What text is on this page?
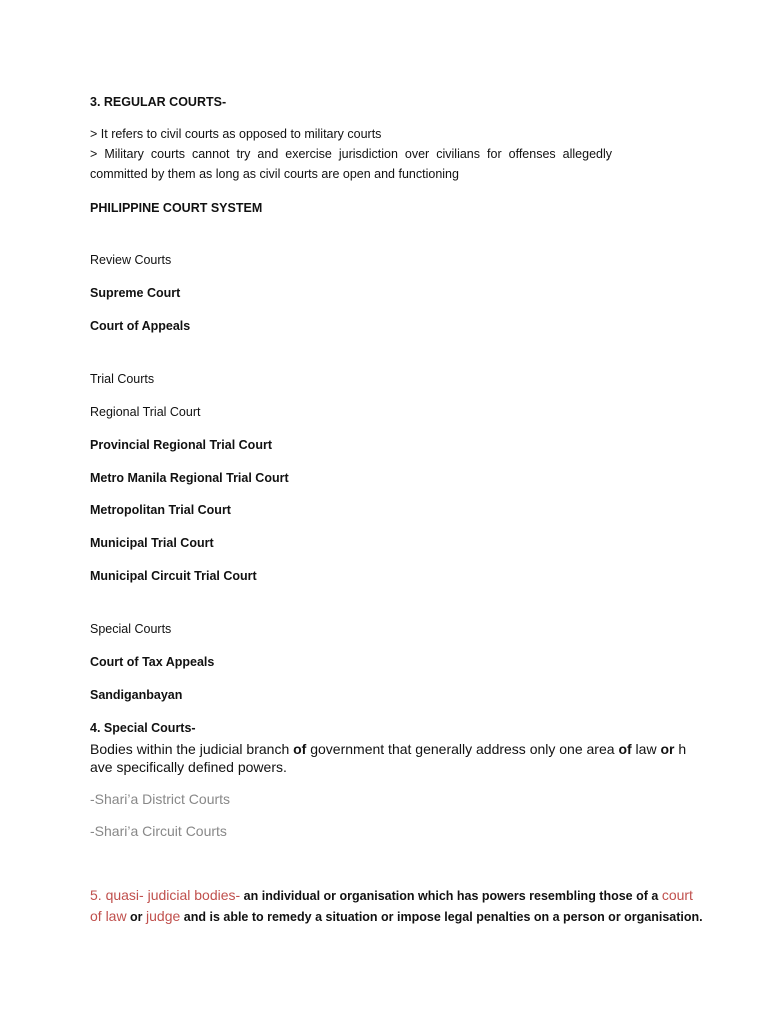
3. REGULAR COURTS-
> It refers to civil courts as opposed to military courts
> Military courts cannot try and exercise jurisdiction over civilians for offenses allegedly
committed by them as long as civil courts are open and functioning
PHILIPPINE COURT SYSTEM
Review Courts
Supreme Court
Court of Appeals
Trial Courts
Regional Trial Court
Provincial Regional Trial Court
Metro Manila Regional Trial Court
Metropolitan Trial Court
Municipal Trial Court
Municipal Circuit Trial Court
Special Courts
Court of Tax Appeals
Sandiganbayan
4. Special Courts-
Bodies within the judicial branch of government that generally address only one area of law or h
ave specifically defined powers.
-Shari’a District Courts
-Shari’a Circuit Courts
5. quasi- judicial bodies- an individual or organisation which has powers resembling those of a court
of law or judge and is able to remedy a situation or impose legal penalties on a person or organisation.
